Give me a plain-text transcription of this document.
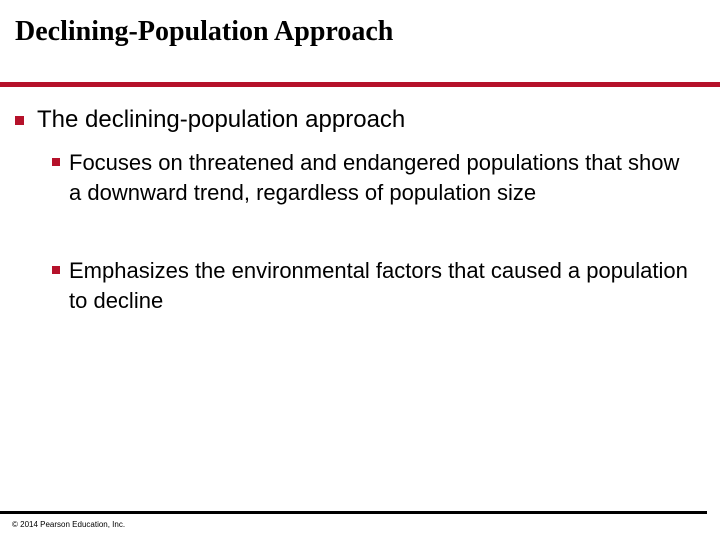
Declining-Population Approach
The declining-population approach
Focuses on threatened and endangered populations that show a downward trend, regardless of population size
Emphasizes the environmental factors that caused a population to decline
© 2014 Pearson Education, Inc.
